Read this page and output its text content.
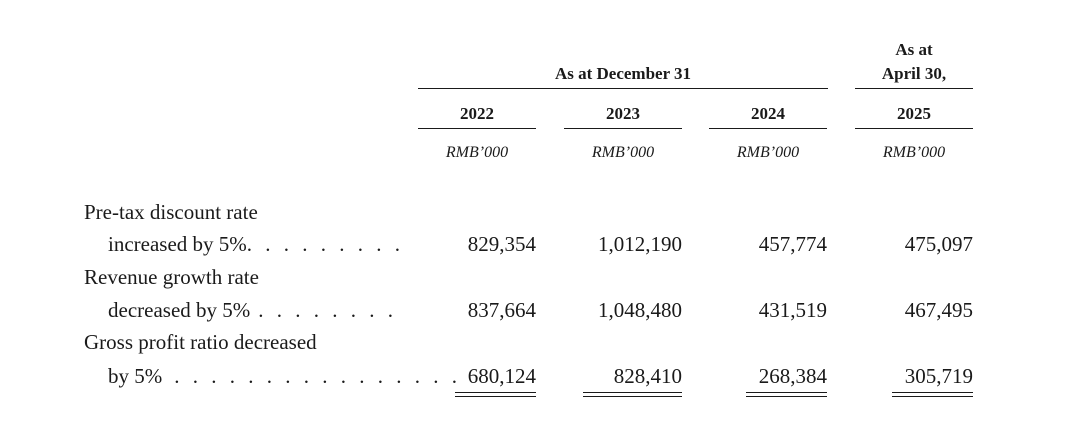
As at December 31
As at
April 30,
2022	2023	2024	2025
RMB’000	RMB’000	RMB’000	RMB’000
Pre-tax discount rate
increased by 5%. . . . . . . . .	829,354	1,012,190	457,774	475,097
Revenue growth rate
decreased by 5% . . . . . . . .	837,664	1,048,480	431,519	467,495
Gross profit ratio decreased
by 5% . . . . . . . . . . . . . . . . 680,124	828,410	268,384	305,719
